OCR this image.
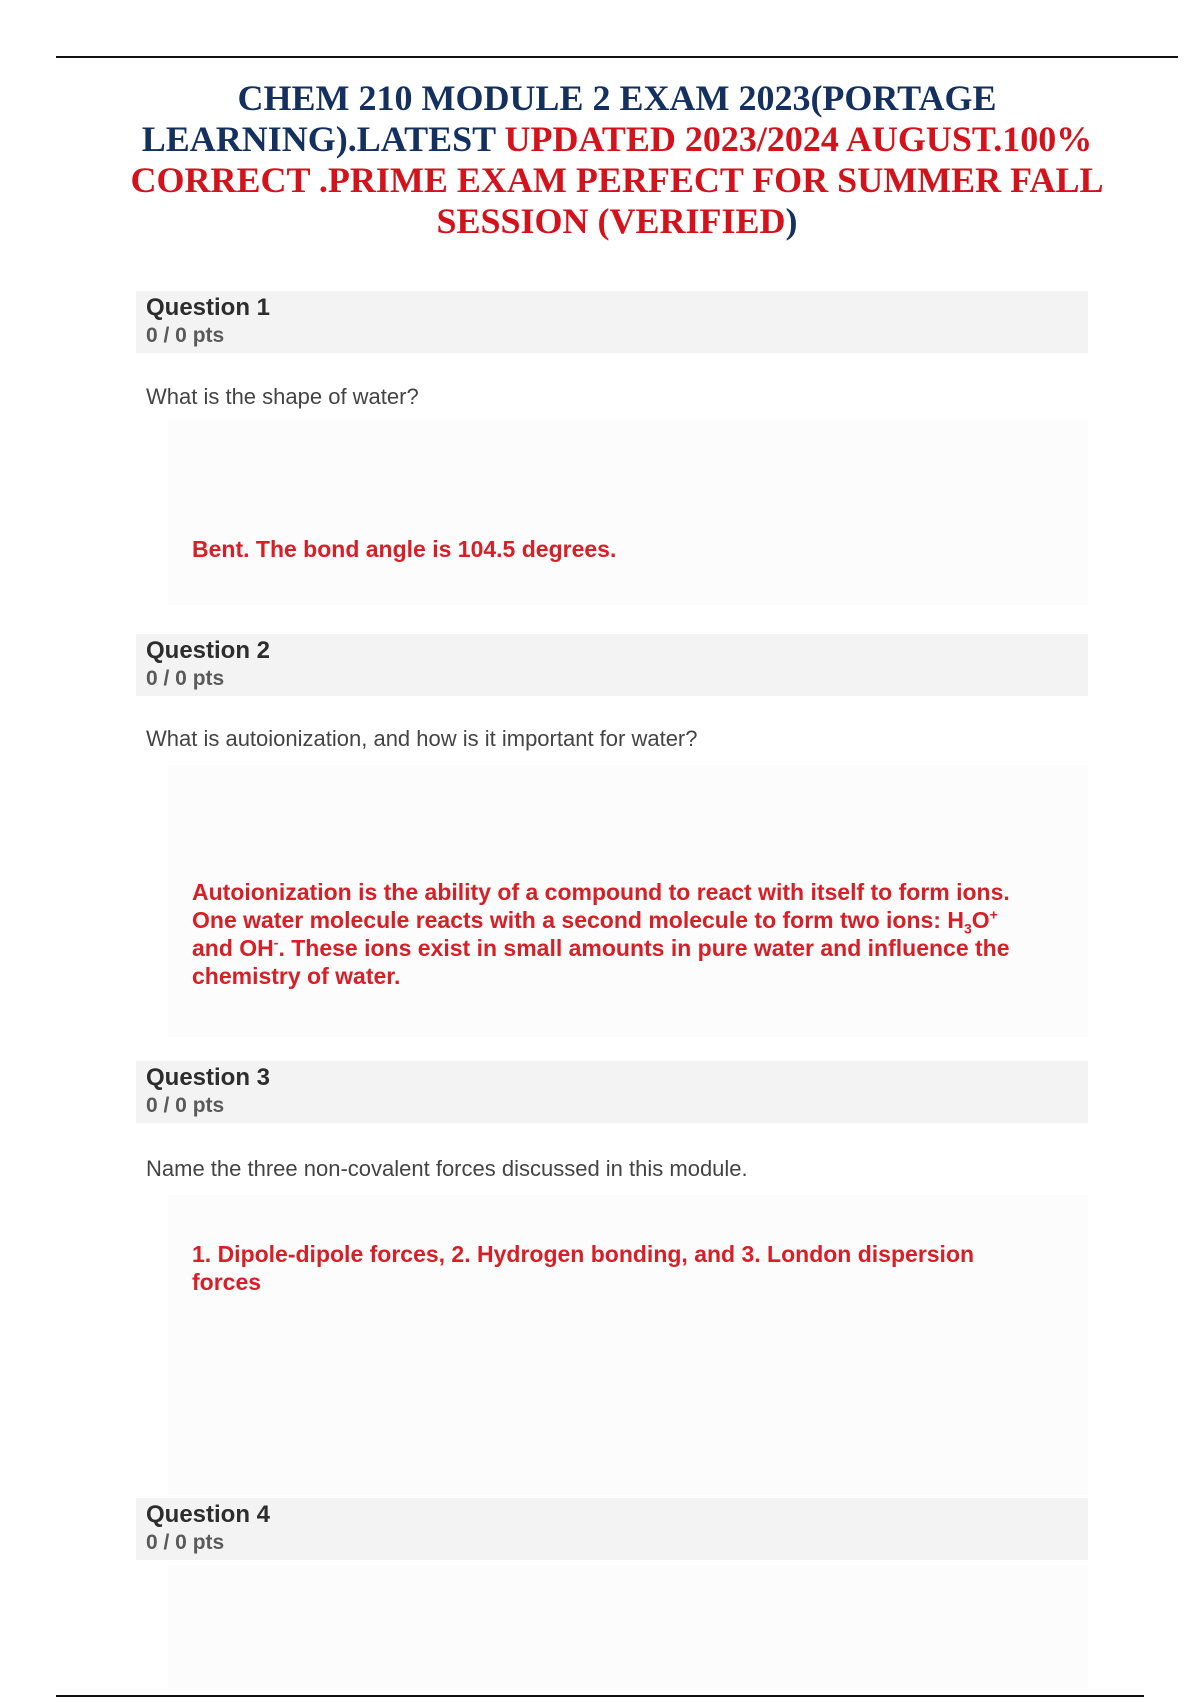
CHEM 210 MODULE 2 EXAM 2023(PORTAGE LEARNING).LATEST UPDATED 2023/2024 AUGUST.100% CORRECT .PRIME EXAM PERFECT FOR SUMMER FALL SESSION (VERIFIED)
Question 1
0 / 0 pts

What is the shape of water?

Bent. The bond angle is 104.5 degrees.

Question 2
0 / 0 pts

What is autoionization, and how is it important for water?

Autoionization is the ability of a compound to react with itself to form ions. One water molecule reacts with a second molecule to form two ions: $H_3O^+$ and OH-. These ions exist in small amounts in pure water and influence the chemistry of water.

Question 3
0 / 0 pts

Name the three non-covalent forces discussed in this module.

1. Dipole-dipole forces, 2. Hydrogen bonding, and 3. London dispersion forces

Question 4
0 / 0 pts
